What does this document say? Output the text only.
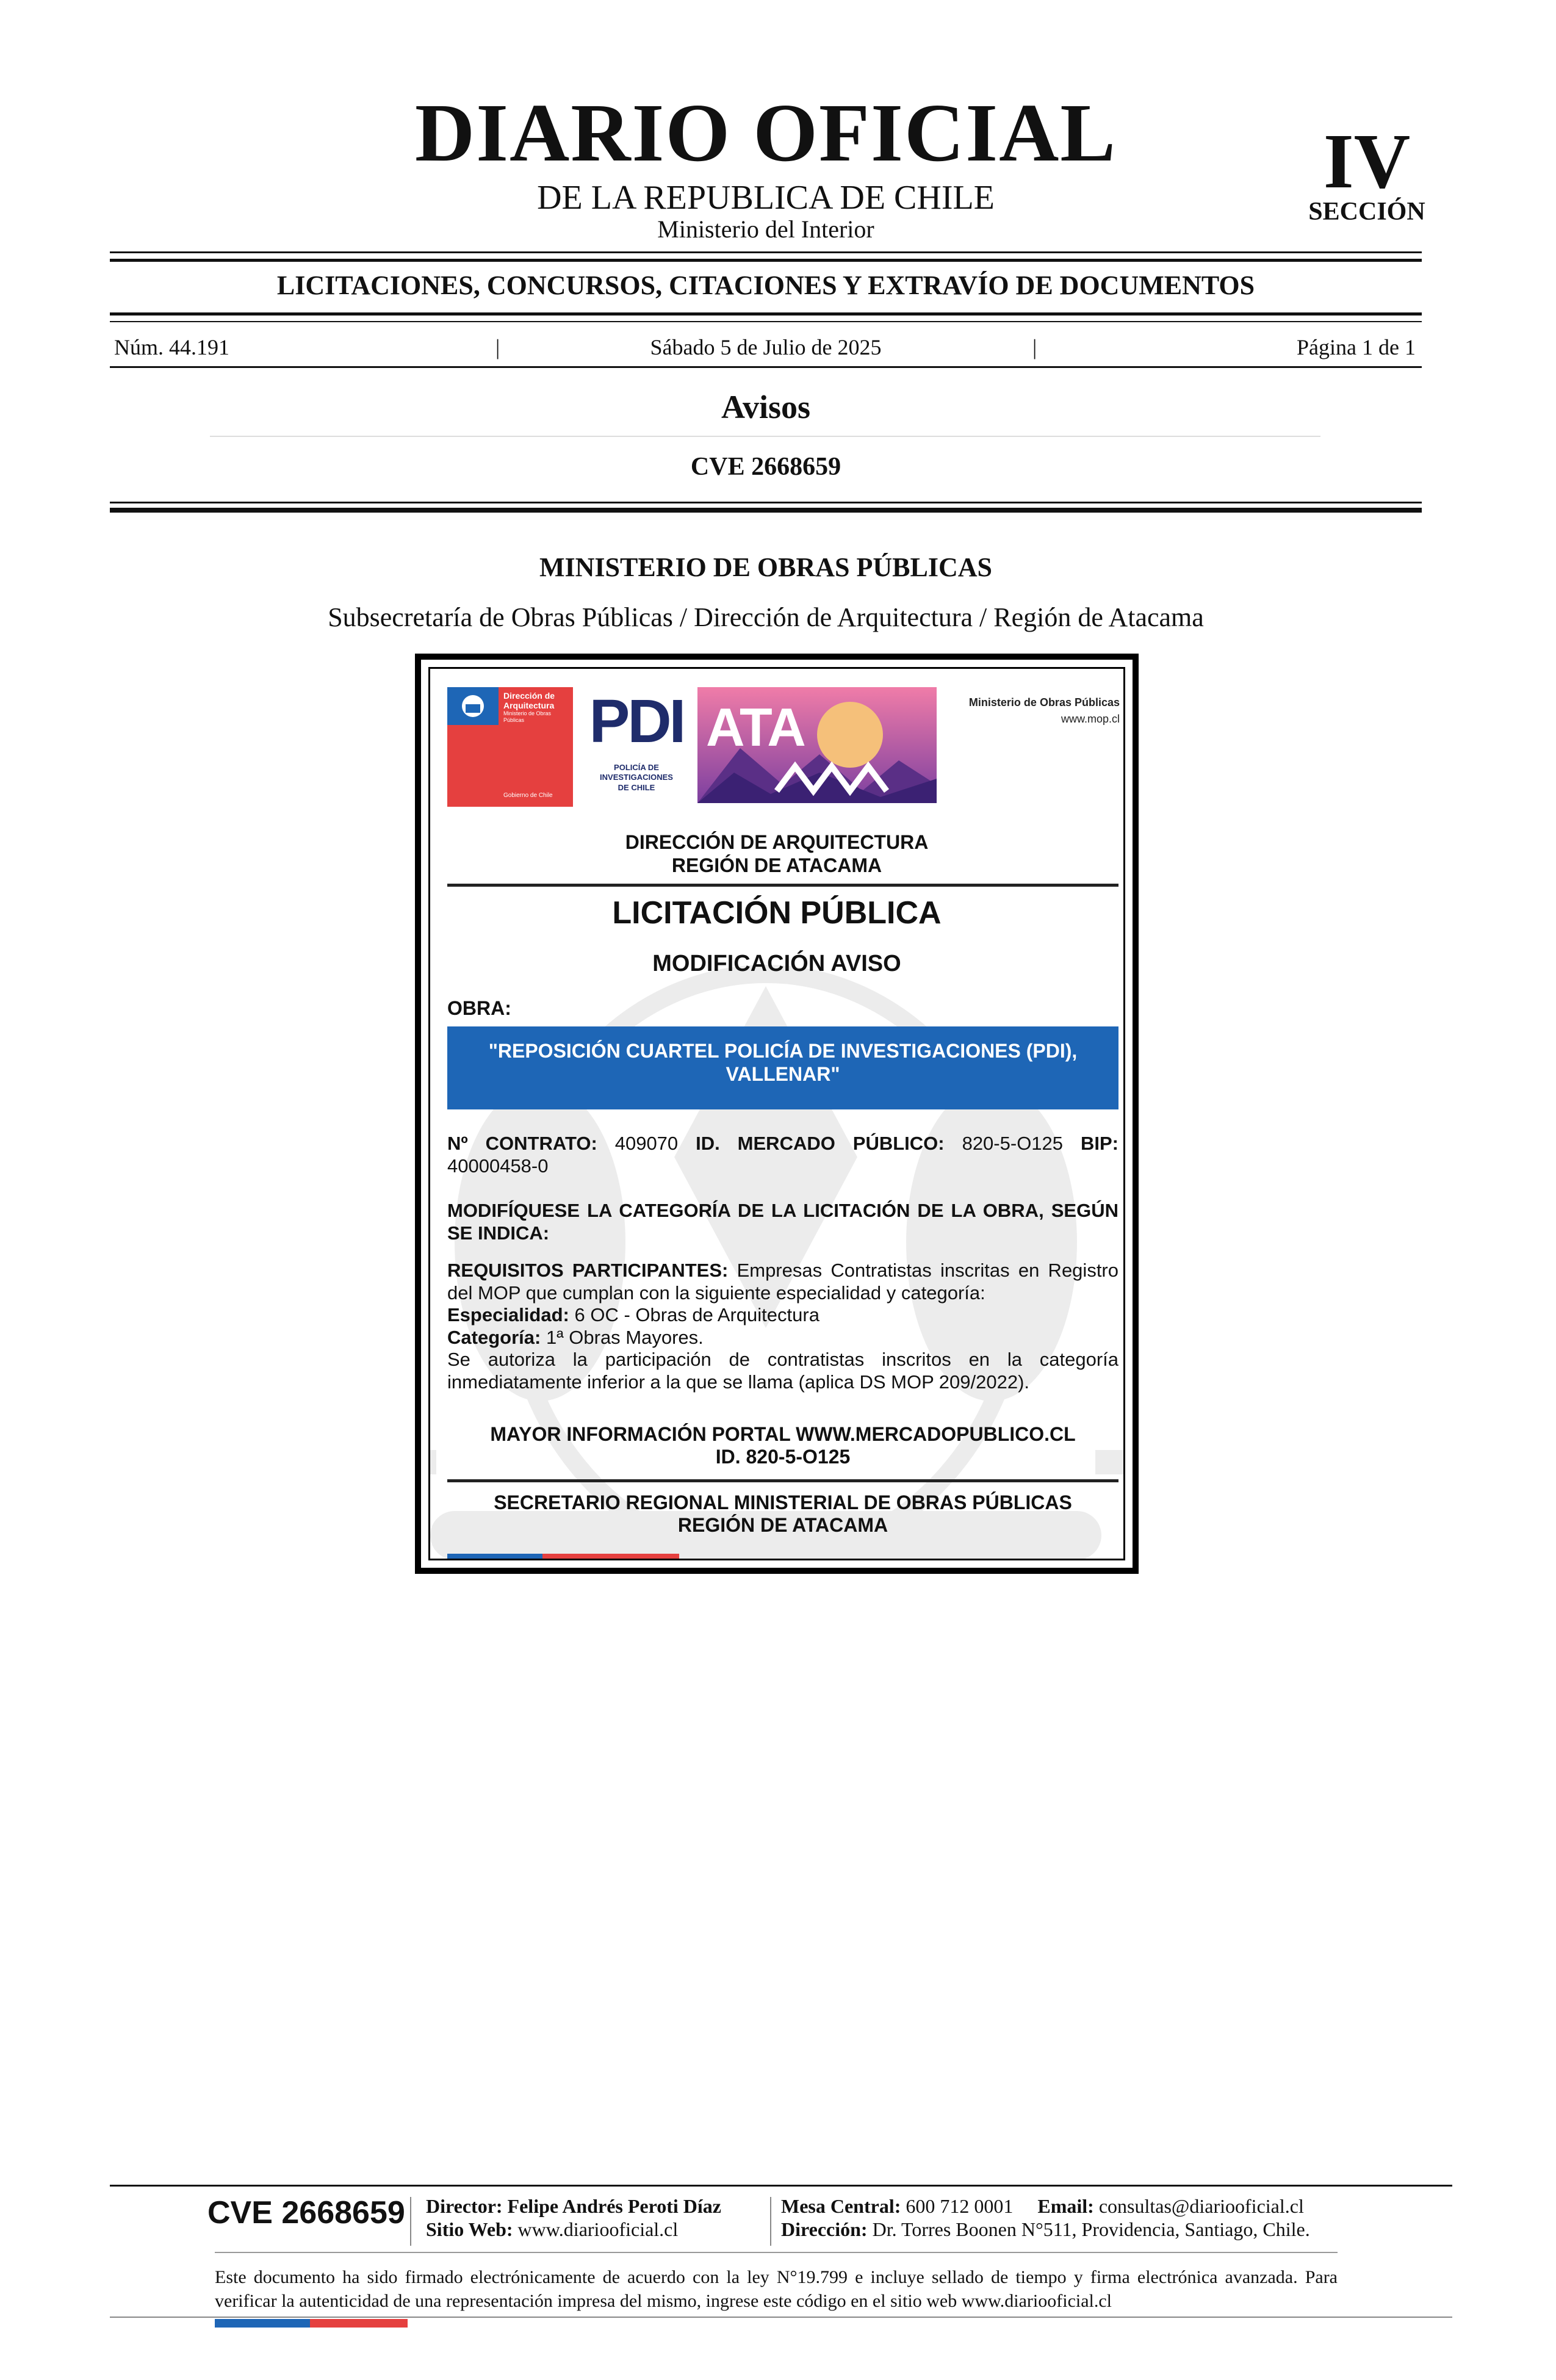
DIARIO OFICIAL
DE LA REPUBLICA DE CHILE
Ministerio del Interior
IV
SECCIÓN
LICITACIONES, CONCURSOS, CITACIONES Y EXTRAVÍO DE DOCUMENTOS
Núm. 44.191	|	Sábado 5 de Julio de 2025	|	Página 1 de 1
Avisos
CVE 2668659
MINISTERIO DE OBRAS PÚBLICAS
Subsecretaría de Obras Públicas / Dirección de Arquitectura / Región de Atacama
Dirección de
Arquitectura
Ministerio de Obras
Públicas
Gobierno de Chile
PDI
POLICÍA DE INVESTIGACIONES
DE CHILE
ATA	Ministerio de Obras Públicas
www.mop.cl
DIRECCIÓN DE ARQUITECTURA
REGIÓN DE ATACAMA
LICITACIÓN PÚBLICA
MODIFICACIÓN AVISO
OBRA:
"REPOSICIÓN CUARTEL POLICÍA DE INVESTIGACIONES (PDI),
VALLENAR"
Nº CONTRATO: 409070 ID. MERCADO PÚBLICO: 820-5-O125 BIP: 40000458-0
MODIFÍQUESE LA CATEGORÍA DE LA LICITACIÓN DE LA OBRA, SEGÚN SE INDICA:
REQUISITOS PARTICIPANTES: Empresas Contratistas inscritas en Registro del MOP que cumplan con la siguiente especialidad y categoría:
Especialidad: 6 OC - Obras de Arquitectura
Categoría: 1ª Obras Mayores.
Se autoriza la participación de contratistas inscritos en la categoría inmediatamente inferior a la que se llama (aplica DS MOP 209/2022).
MAYOR INFORMACIÓN PORTAL WWW.MERCADOPUBLICO.CL
ID. 820-5-O125
SECRETARIO REGIONAL MINISTERIAL DE OBRAS PÚBLICAS
REGIÓN DE ATACAMA
CVE 2668659 Director: Felipe Andrés Peroti Díaz
Sitio Web: www.diariooficial.cl
Mesa Central: 600 712 0001 Email: consultas@diariooficial.cl
Dirección: Dr. Torres Boonen N°511, Providencia, Santiago, Chile.
Este documento ha sido firmado electrónicamente de acuerdo con la ley N°19.799 e incluye sellado de tiempo y firma electrónica avanzada. Para verificar la autenticidad de una representación impresa del mismo, ingrese este código en el sitio web www.diariooficial.cl
